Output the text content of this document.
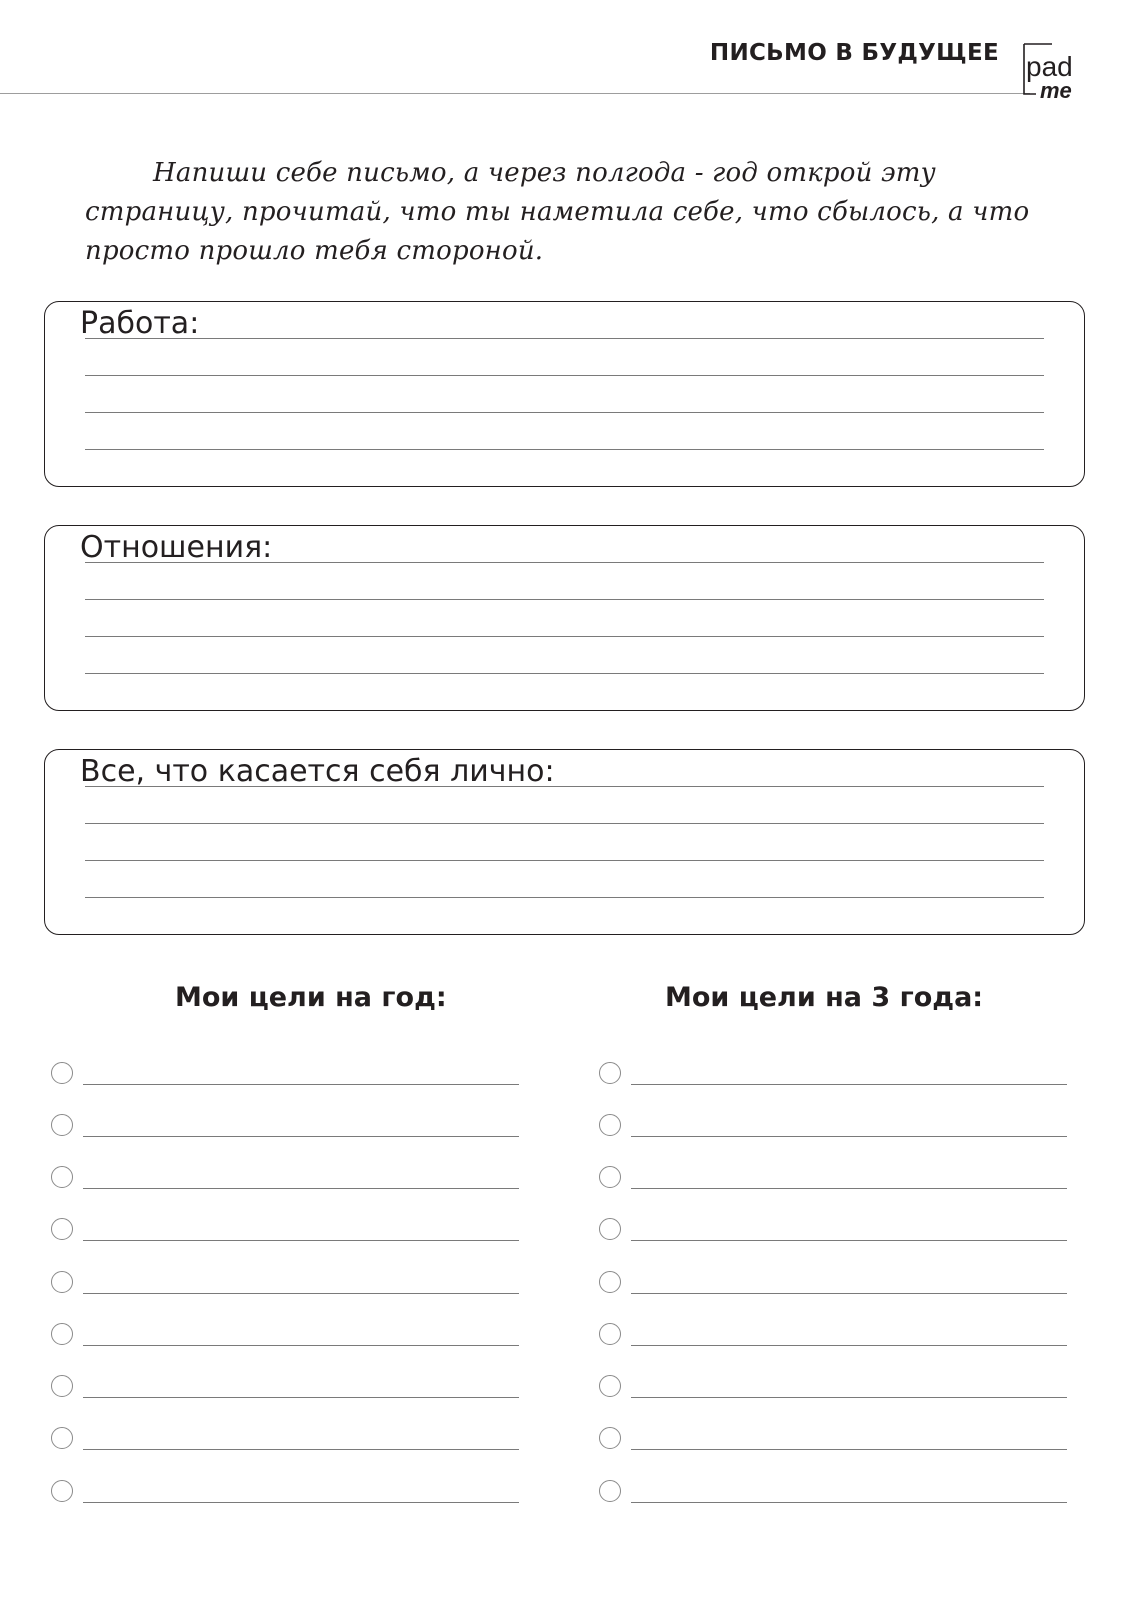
ПИСЬМО В БУДУЩЕЕ pad
me
Напиши себе письмо, а через полгода - год открой эту страницу, прочитай, что ты наметила себе, что сбылось, а что просто прошло тебя стороной.
Работа:
Отношения:
Все, что касается себя лично:
Мои цели на год:	Мои цели на 3 года:
